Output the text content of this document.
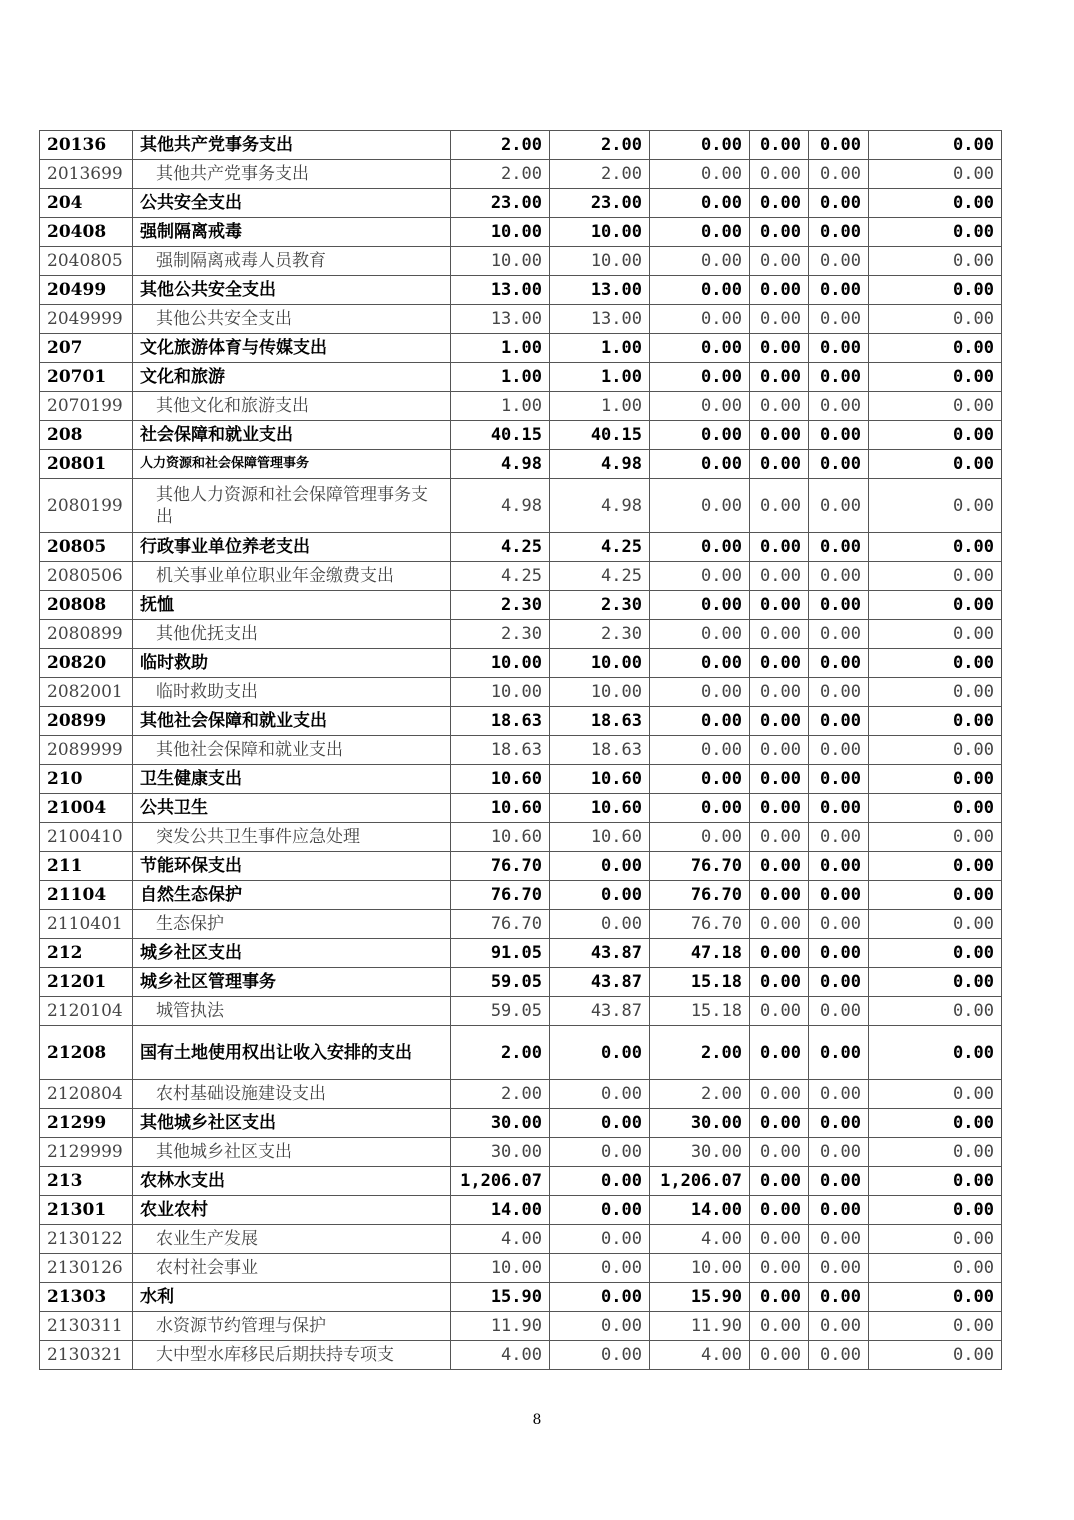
20136	其他共产党事务支出	2.00	2.00	0.00	0.00	0.00	0.00
2013699	其他共产党事务支出	2.00	2.00	0.00	0.00	0.00	0.00
204	公共安全支出	23.00	23.00	0.00	0.00	0.00	0.00
20408	强制隔离戒毒	10.00	10.00	0.00	0.00	0.00	0.00
2040805	强制隔离戒毒人员教育	10.00	10.00	0.00	0.00	0.00	0.00
20499	其他公共安全支出	13.00	13.00	0.00	0.00	0.00	0.00
2049999	其他公共安全支出	13.00	13.00	0.00	0.00	0.00	0.00
207	文化旅游体育与传媒支出	1.00	1.00	0.00	0.00	0.00	0.00
20701	文化和旅游	1.00	1.00	0.00	0.00	0.00	0.00
2070199	其他文化和旅游支出	1.00	1.00	0.00	0.00	0.00	0.00
208	社会保障和就业支出	40.15	40.15	0.00	0.00	0.00	0.00
20801	人力资源和社会保障管理事务	4.98	4.98	0.00	0.00	0.00	0.00
2080199	其他人力资源和社会保障管理事务支出	4.98	4.98	0.00	0.00	0.00	0.00
20805	行政事业单位养老支出	4.25	4.25	0.00	0.00	0.00	0.00
2080506	机关事业单位职业年金缴费支出	4.25	4.25	0.00	0.00	0.00	0.00
20808	抚恤	2.30	2.30	0.00	0.00	0.00	0.00
2080899	其他优抚支出	2.30	2.30	0.00	0.00	0.00	0.00
20820	临时救助	10.00	10.00	0.00	0.00	0.00	0.00
2082001	临时救助支出	10.00	10.00	0.00	0.00	0.00	0.00
20899	其他社会保障和就业支出	18.63	18.63	0.00	0.00	0.00	0.00
2089999	其他社会保障和就业支出	18.63	18.63	0.00	0.00	0.00	0.00
210	卫生健康支出	10.60	10.60	0.00	0.00	0.00	0.00
21004	公共卫生	10.60	10.60	0.00	0.00	0.00	0.00
2100410	突发公共卫生事件应急处理	10.60	10.60	0.00	0.00	0.00	0.00
211	节能环保支出	76.70	0.00	76.70	0.00	0.00	0.00
21104	自然生态保护	76.70	0.00	76.70	0.00	0.00	0.00
2110401	生态保护	76.70	0.00	76.70	0.00	0.00	0.00
212	城乡社区支出	91.05	43.87	47.18	0.00	0.00	0.00
21201	城乡社区管理事务	59.05	43.87	15.18	0.00	0.00	0.00
2120104	城管执法	59.05	43.87	15.18	0.00	0.00	0.00
21208	国有土地使用权出让收入安排的支出	2.00	0.00	2.00	0.00	0.00	0.00
2120804	农村基础设施建设支出	2.00	0.00	2.00	0.00	0.00	0.00
21299	其他城乡社区支出	30.00	0.00	30.00	0.00	0.00	0.00
2129999	其他城乡社区支出	30.00	0.00	30.00	0.00	0.00	0.00
213	农林水支出	1,206.07	0.00	1,206.07	0.00	0.00	0.00
21301	农业农村	14.00	0.00	14.00	0.00	0.00	0.00
2130122	农业生产发展	4.00	0.00	4.00	0.00	0.00	0.00
2130126	农村社会事业	10.00	0.00	10.00	0.00	0.00	0.00
21303	水利	15.90	0.00	15.90	0.00	0.00	0.00
2130311	水资源节约管理与保护	11.90	0.00	11.90	0.00	0.00	0.00
2130321	大中型水库移民后期扶持专项支	4.00	0.00	4.00	0.00	0.00	0.00
8
